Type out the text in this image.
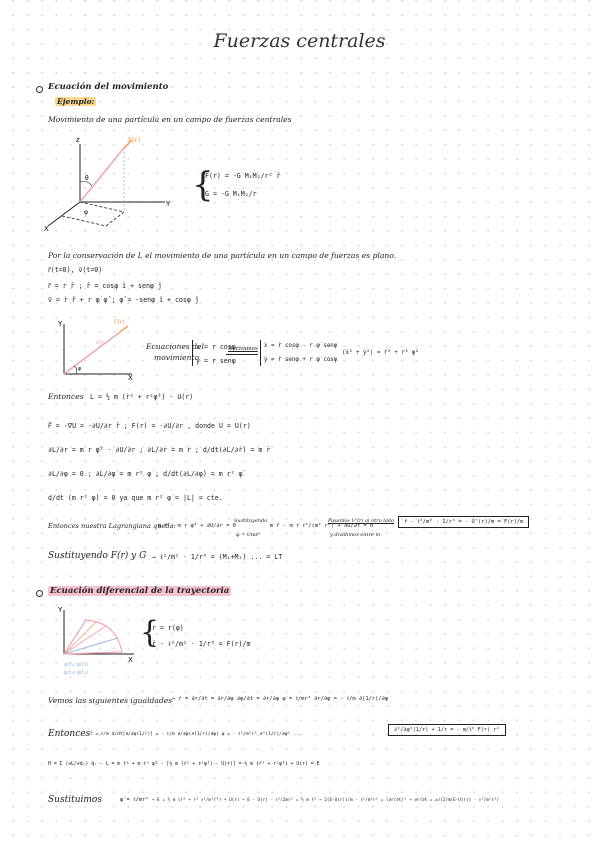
Fuerzas centrales
Ecuación del movimiento
Ejemplo:
Movimiento de una partícula en un campo de fuerzas centrales
z
X
Y
F(r)
θ
φ
{
F(r) = -G M₁M₂/r² r̂
G = -G M₁M₂/r
Por la conservación de L el movimiento de una partícula en un campo de fuerzas es plano.
r⃗(t=0), v⃗(t=0)
r⃗ = r r̂ ; r̂ = cosφ î + senφ ĵ
v⃗ = ṙ r̂ + r φ̇ φ̂ ; φ̂ = -senφ î + cosφ ĵ
Y
X
F(r)
r(t)
φ
Ecuaciones del
movimiento
x = r cosφ
y = r senφ
Derivamos ẋ = ṙ cosφ - r φ̇ senφ
ẏ = ṙ senφ + r φ̇ cosφ
(ẋ² + ẏ²) = ṙ² + r² φ̇²
Entonces L = ½ m (ṙ² + r²φ̇²) - U(r)
F⃗ = -∇⃗U = -∂U/∂r r̂ ; F(r) = -∂U/∂r , donde U = U(r)
∂L/∂r = m r φ̇² - ∂U/∂r ; ∂L/∂ṙ = m ṙ ; d/dt(∂L/∂ṙ) = m r̈
∂L/∂φ = 0 ; ∂L/∂φ̇ = m r² φ̇ ; d/dt(∂L/∂φ̇) = m r² φ̈
d/dt (m r² φ̇) = 0 ya que m r² φ̇ = |L| = cte.
Entonces nuestra Lagrangiana queda:
m r̈ - m r φ̇² + ∂U/∂r = 0
Sustituyendo
φ̇ = ℓ/mr²
m r̈ - m r ℓ²/(m² r⁴) + ∂U/∂r = 0
Pasamos U'(r) al otro lado
y dividimos entre m
r̈ - ℓ²/m² · 1/r³ = - U'(r)/m = F(r)/m
Sustituyendo F(r) y G → ℓ²/m² · 1/r³ = (M₁+M₂) ... = LT
Ecuación diferencial de la trayectoria
Y
X
φ(t₁) φ(t₂)
φ(t₃) φ(t₄)
{
r = r(φ)
r̈ - ℓ²/m² · 1/r³ = F(r)/m
Vemos las siguientes igualdades → ṙ = ∂r/∂t = ∂r/∂φ ∂φ/∂t = ∂r/∂φ φ̇ = ℓ/mr² ∂r/∂φ = - ℓ/m ∂(1/r)/∂φ
Entonces r̈ = ℓ/m d/dt[∂/∂φ(1/r)] = - ℓ/m ∂/∂φ(∂(1/r)/∂φ) φ̇ = - ℓ²/m²r² ∂²(1/r)/∂φ² ...
∂²/∂φ²(1/r) + 1/r = - m/ℓ² F(r) r²
H = Σ (∂L/∂q̇ᵢ) q̇ᵢ - L = m ṙ² + m r² φ̇² - [½ m (ṙ² + r²φ̇²) - U(r)] = ½ m (ṙ² + r²φ̇²) + U(r) = E
Sustituimos	φ̇ = ℓ/mr² → E = ½ m (ṙ² + r² ℓ²/m²r⁴) + U(r) → E - U(r) - ℓ²/2mr² = ½ m ṙ² → 2(E-U(r))/m - ℓ²/m²r² = (∂r/∂t)² → ∂r/∂t = ±√(2/m(E-U(r)) - ℓ²/m²r²)
